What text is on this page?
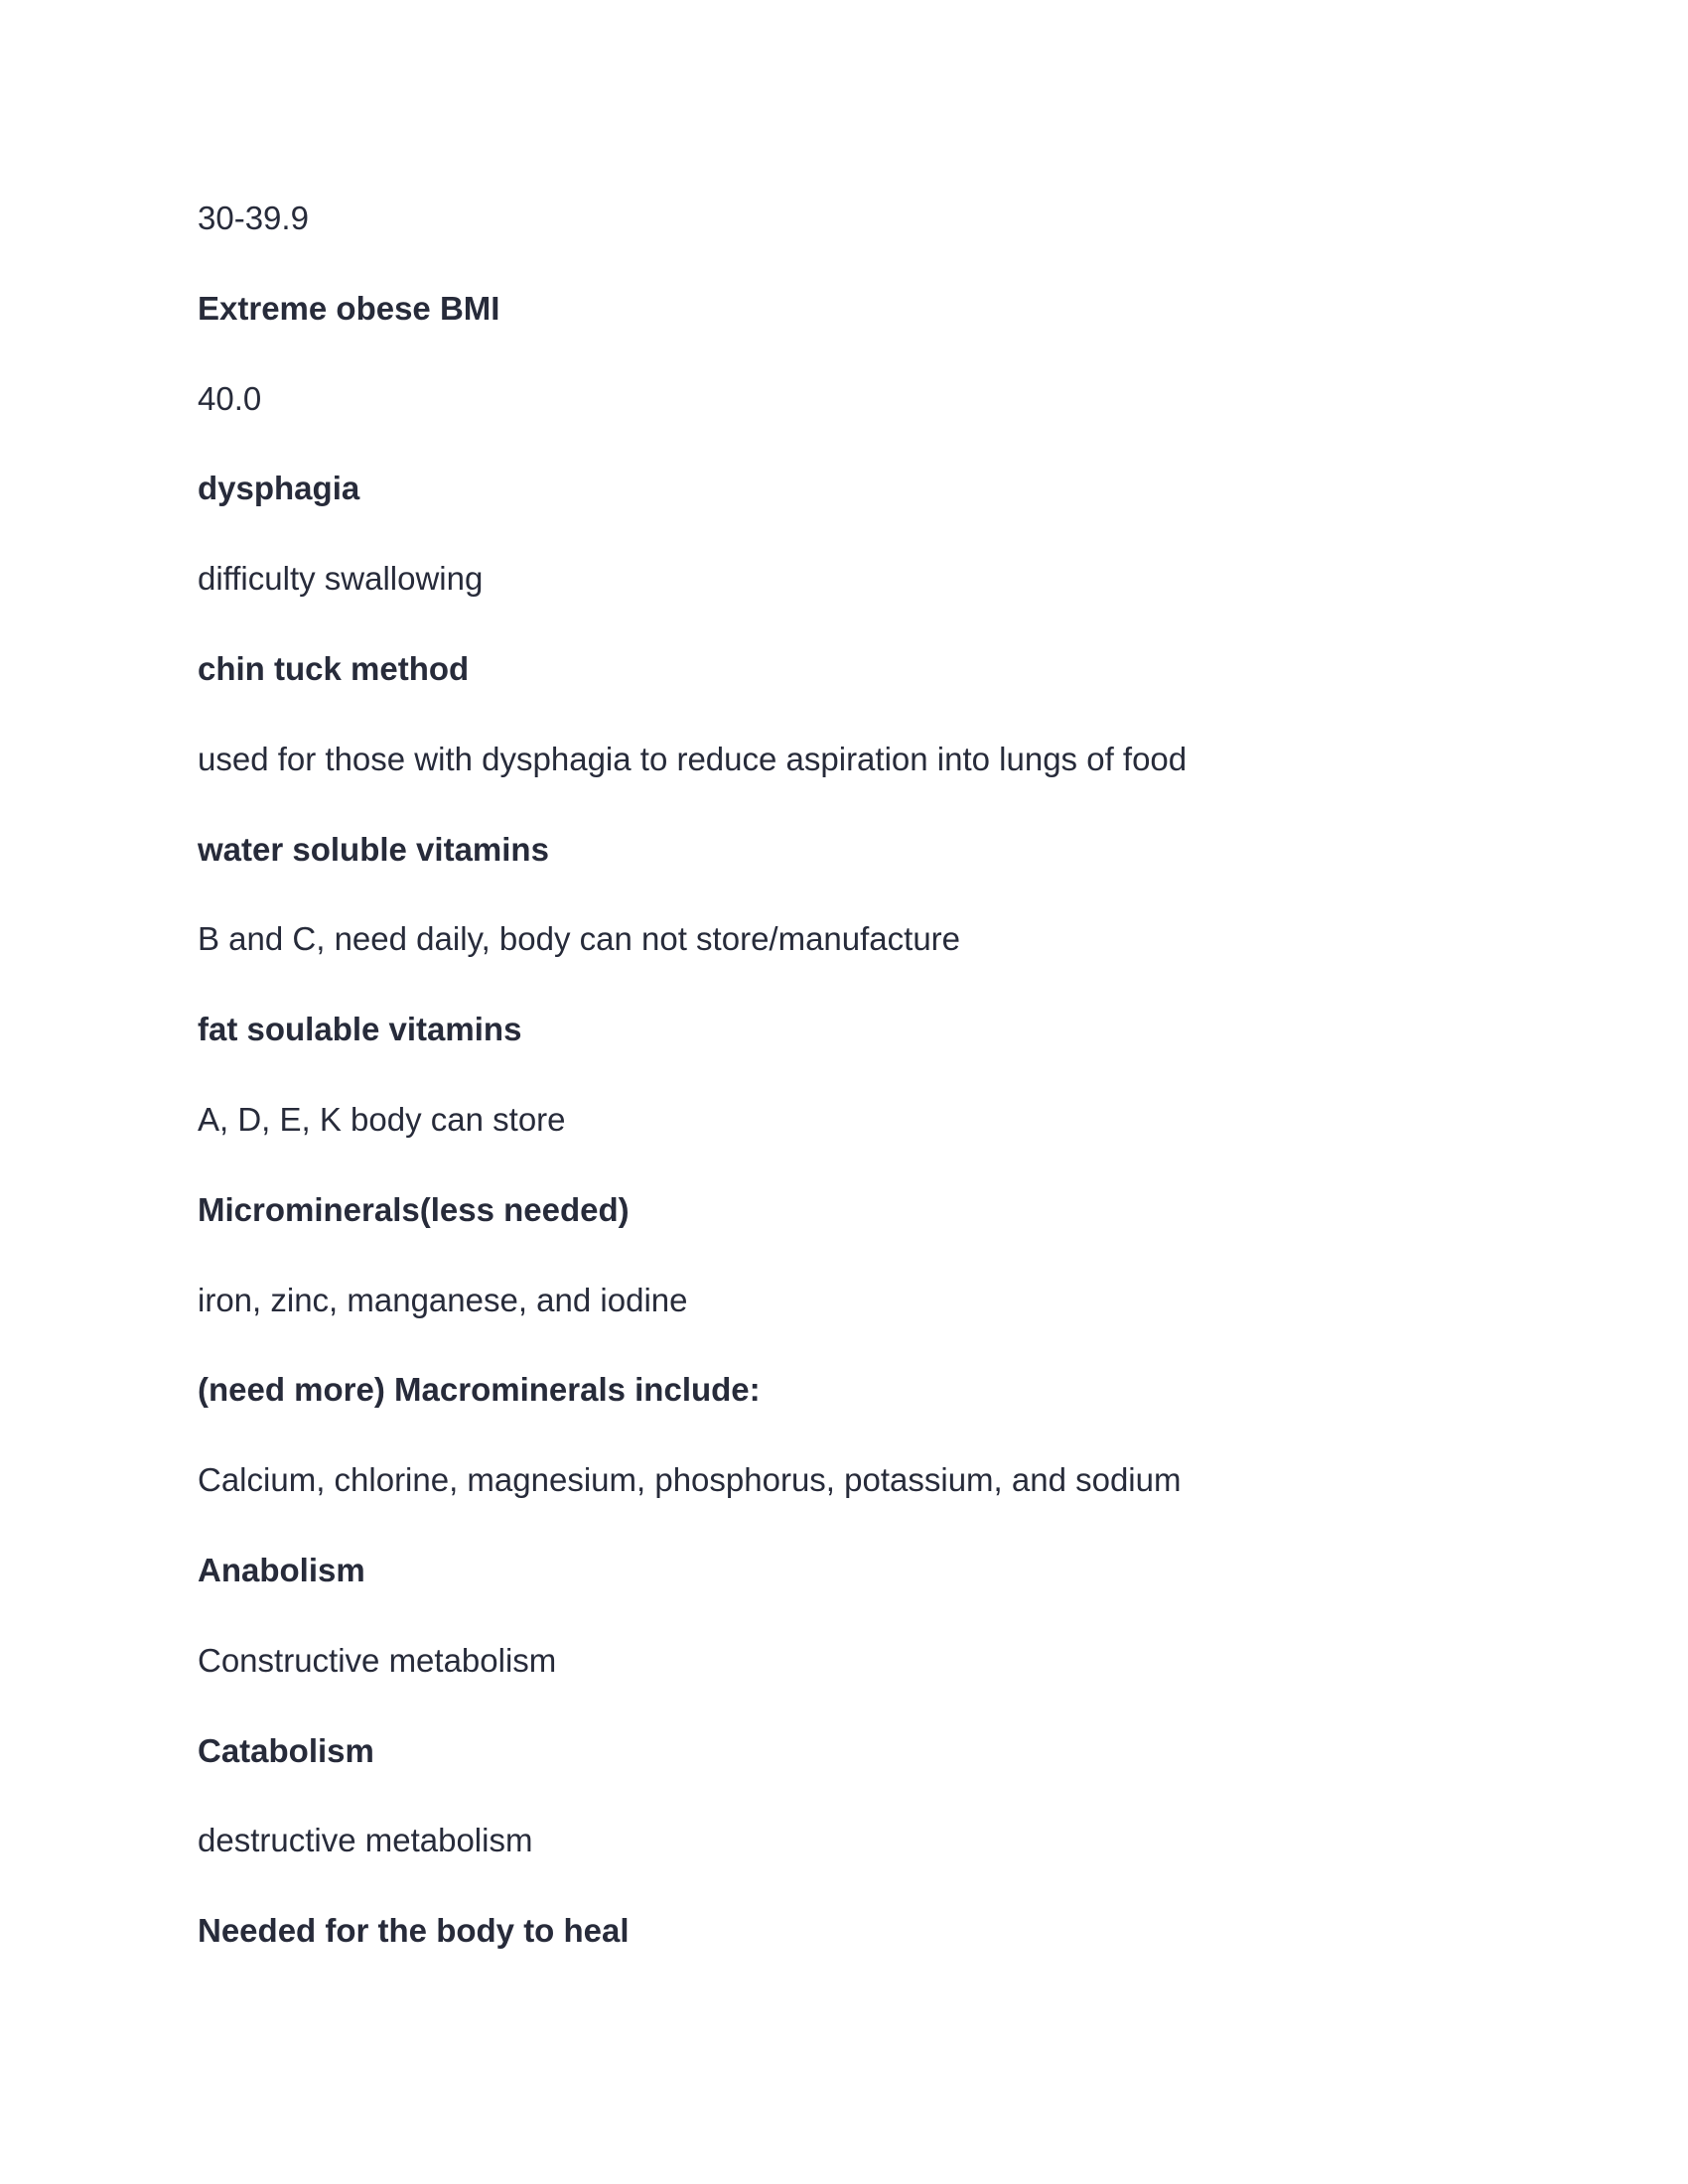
30-39.9
Extreme obese BMI
40.0
dysphagia
difficulty swallowing
chin tuck method
used for those with dysphagia to reduce aspiration into lungs of food
water soluble vitamins
B and C, need daily, body can not store/manufacture
fat soulable vitamins
A, D, E, K body can store
Microminerals(less needed)
iron, zinc, manganese, and iodine
(need more) Macrominerals include:
Calcium, chlorine, magnesium, phosphorus, potassium, and sodium
Anabolism
Constructive metabolism
Catabolism
destructive metabolism
Needed for the body to heal
